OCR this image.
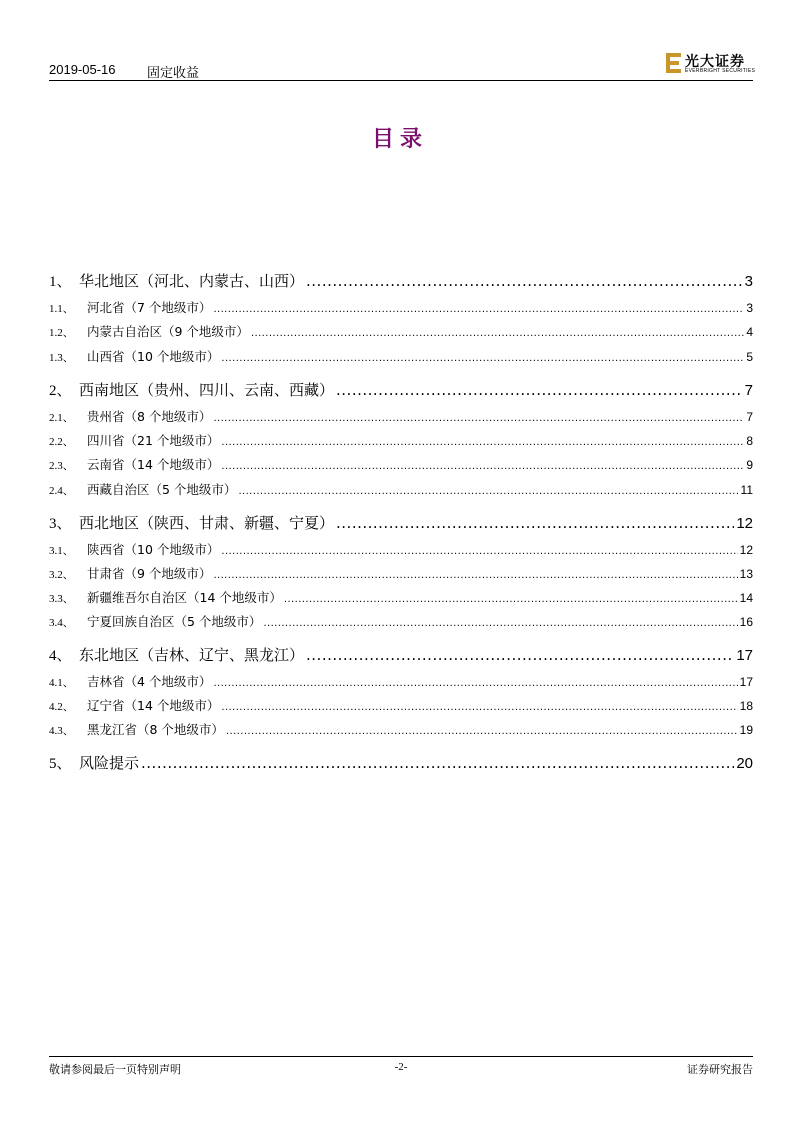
2019-05-16 固定收益
光大证券
EVERBRIGHT SECURITIES
目录
1、 华北地区（河北、内蒙古、山西） .....	3
1.1、	河北省（7 个地级市） .....	3
1.2、	内蒙古自治区（9 个地级市） .....	4
1.3、	山西省（10 个地级市） .....	5
2、 西南地区（贵州、四川、云南、西藏） .....	7
2.1、	贵州省（8 个地级市） .....	7
2.2、	四川省（21 个地级市） .....	8
2.3、	云南省（14 个地级市） .....	9
2.4、	西藏自治区（5 个地级市） .....	11
3、 西北地区（陕西、甘肃、新疆、宁夏） .....	12
3.1、	陕西省（10 个地级市） .....	12
3.2、	甘肃省（9 个地级市） .....	13
3.3、	新疆维吾尔自治区（14 个地级市） .....	14
3.4、	宁夏回族自治区（5 个地级市） .....	16
4、 东北地区（吉林、辽宁、黑龙江） .....	17
4.1、	吉林省（4 个地级市） .....	17
4.2、	辽宁省（14 个地级市） .....	18
4.3、	黑龙江省（8 个地级市） .....	19
5、 风险提示 .....	20
敬请参阅最后一页特别声明	-2-	证券研究报告
